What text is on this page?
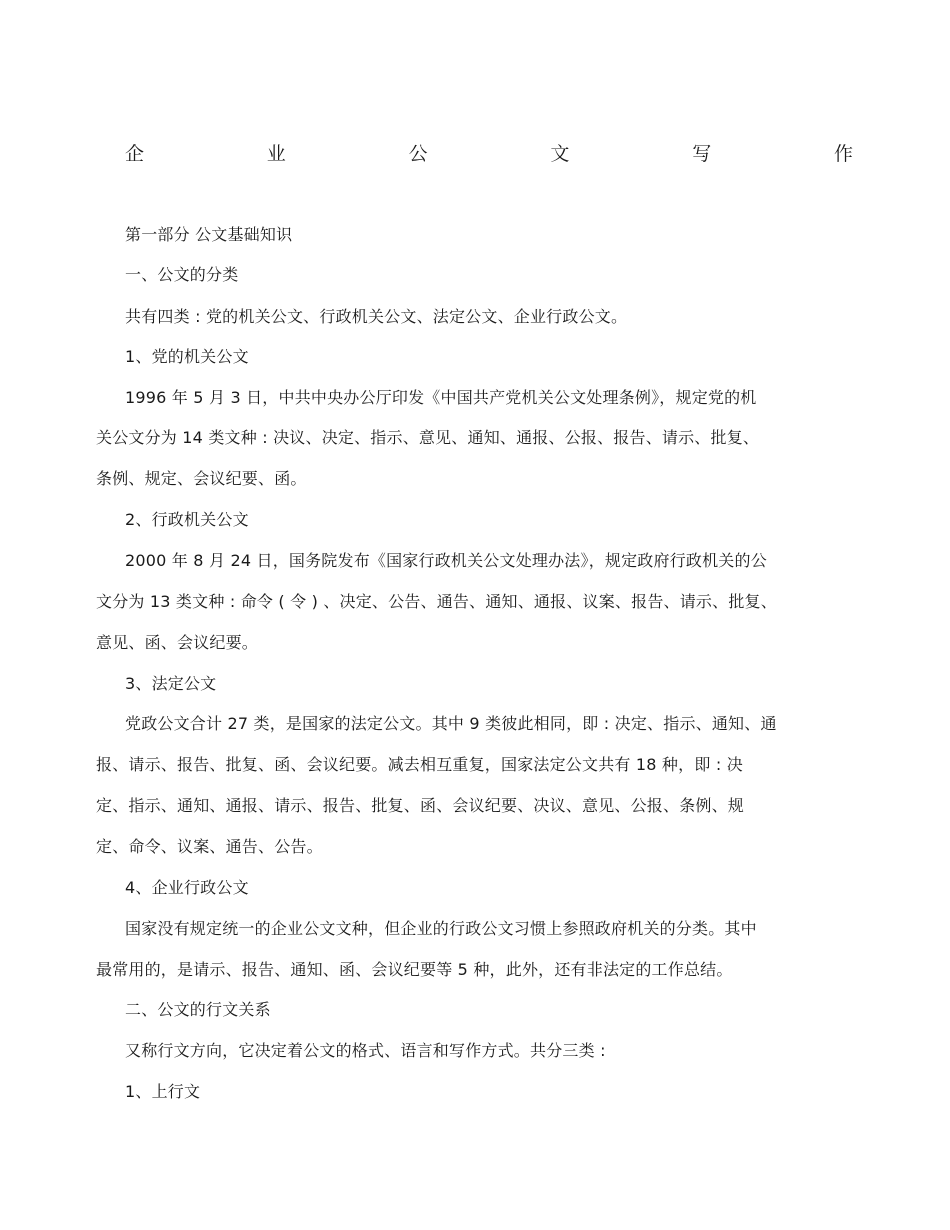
企	业	公	文	写	作
第一部分 公文基础知识
一、公文的分类
共有四类 : 党的机关公文、行政机关公文、法定公文、企业行政公文。
1、党的机关公文
1996 年 5 月 3 日，中共中央办公厅印发《中国共产党机关公文处理条例》，规定党的机
关公文分为 14 类文种 : 决议、决定、指示、意见、通知、通报、公报、报告、请示、批复、
条例、规定、会议纪要、函。
2、行政机关公文
2000 年 8 月 24 日，国务院发布《国家行政机关公文处理办法》，规定政府行政机关的公
文分为 13 类文种 : 命令 ( 令 ) 、决定、公告、通告、通知、通报、议案、报告、请示、批复、
意见、函、会议纪要。
3、法定公文
党政公文合计 27 类，是国家的法定公文。其中 9 类彼此相同，即 : 决定、指示、通知、通
报、请示、报告、批复、函、会议纪要。减去相互重复，国家法定公文共有 18 种，即 : 决
定、指示、通知、通报、请示、报告、批复、函、会议纪要、决议、意见、公报、条例、规
定、命令、议案、通告、公告。
4、企业行政公文
国家没有规定统一的企业公文文种，但企业的行政公文习惯上参照政府机关的分类。其中
最常用的，是请示、报告、通知、函、会议纪要等 5 种，此外，还有非法定的工作总结。
二、公文的行文关系
又称行文方向，它决定着公文的格式、语言和写作方式。共分三类 :
1、上行文
